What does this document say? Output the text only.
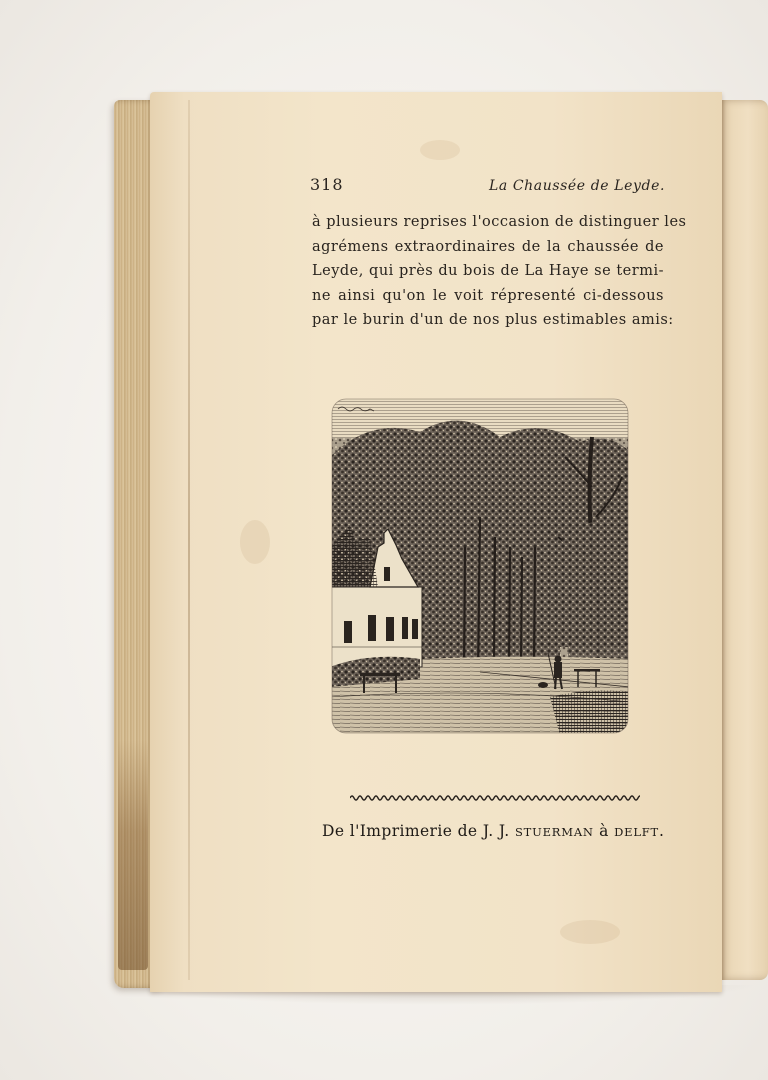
318	La Chaussée de Leyde.
à plusieurs reprises l'occasion de distinguer les
agrémens extraordinaires de la chaussée de
Leyde, qui près du bois de La Haye se termi-
ne ainsi qu'on le voit répresenté ci-dessous
par le burin d'un de nos plus estimables amis:
De l'Imprimerie de J. J. STUERMAN à DELFT.
